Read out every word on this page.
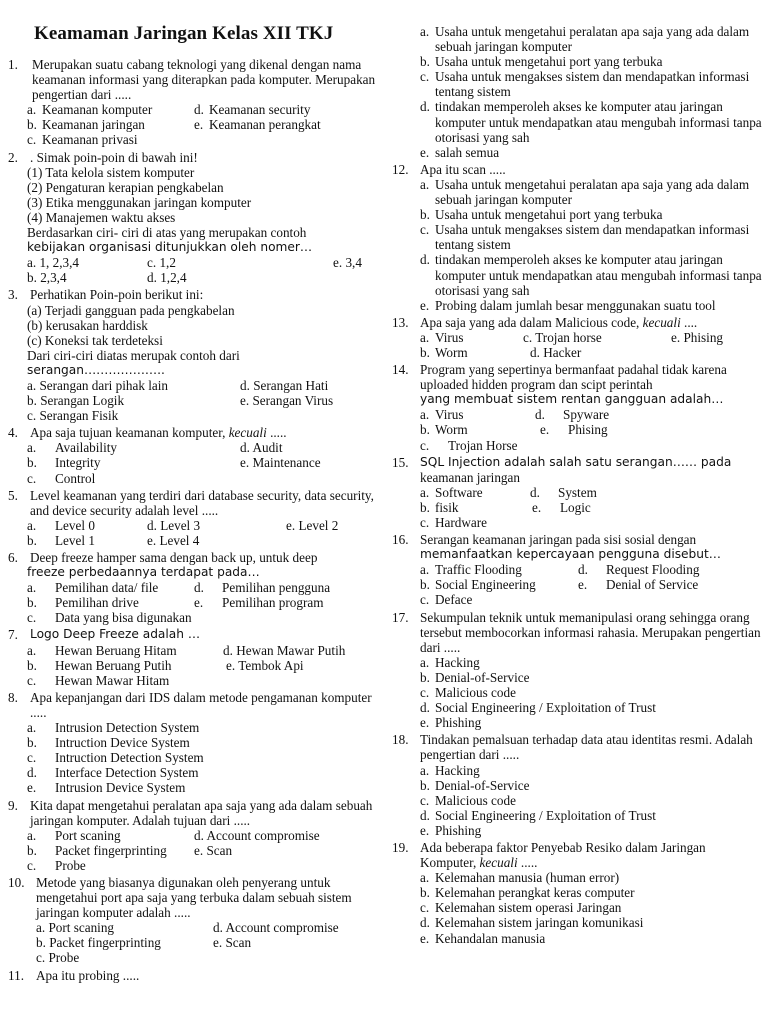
Keamaman Jaringan Kelas XII TKJ
1.	Merupakan suatu cabang teknologi yang dikenal dengan nama keamanan informasi yang diterapkan pada komputer. Merupakan pengertian dari .....
a. Keamanan komputer	d. Keamanan security
b. Keamanan jaringan	e. Keamanan perangkat
c. Keamanan privasi
2. . Simak poin-poin di bawah ini!
(1) Tata kelola sistem komputer
(2) Pengaturan kerapian pengkabelan
(3) Etika menggunakan jaringan komputer
(4) Manajemen waktu akses
Berdasarkan ciri- ciri di atas yang merupakan contoh
kebijakan organisasi ditunjukkan oleh nomer…
a. 1, 2,3,4	c. 1,2	e. 3,4
b. 2,3,4	d. 1,2,4
3. Perhatikan Poin-poin berikut ini:
(a) Terjadi gangguan pada pengkabelan
(b) kerusakan harddisk
(c) Koneksi tak terdeteksi
Dari ciri-ciri diatas merupak contoh dari
serangan………………..
a. Serangan dari pihak lain	d. Serangan Hati
b. Serangan Logik	e. Serangan Virus
c. Serangan Fisik
4. Apa saja tujuan keamanan komputer, kecuali .....
a.	Availability	d. Audit
b.	Integrity	e. Maintenance
c.	Control
5. Level keamanan yang terdiri dari database security, data security, and device security adalah level .....
a.	Level 0	d. Level 3	e. Level 2
b.	Level 1	e. Level 4
6. Deep freeze hamper sama dengan back up, untuk deep
freeze perbedaannya terdapat pada…
a.	Pemilihan data/ file	d.	Pemilihan pengguna
b.	Pemilihan drive	e.	Pemilihan program
c.	Data yang bisa digunakan
7. Logo Deep Freeze adalah …
a.	Hewan Beruang Hitam	d. Hewan Mawar Putih
b.	Hewan Beruang Putih	e. Tembok Api
c.	Hewan Mawar Hitam
8. Apa kepanjangan dari IDS dalam metode pengamanan komputer .....
a.	Intrusion Detection System
b.	Intruction Device System
c.	Intruction Detection System
d.	Interface Detection System
e.	Intrusion Device System
9. Kita dapat mengetahui peralatan apa saja yang ada dalam sebuah jaringan komputer. Adalah tujuan dari .....
a.	Port scaning	d. Account compromise
b.	Packet fingerprinting	e. Scan
c.	Probe
10. Metode yang biasanya digunakan oleh penyerang untuk mengetahui port apa saja yang terbuka dalam sebuah sistem jaringan komputer adalah .....
a. Port scaning	d. Account compromise
b. Packet fingerprinting	e. Scan
c. Probe
11. Apa itu probing .....
a. Usaha untuk mengetahui peralatan apa saja yang ada dalam sebuah jaringan komputer
b. Usaha untuk mengetahui port yang terbuka
c. Usaha untuk mengakses sistem dan mendapatkan informasi tentang sistem
d. tindakan memperoleh akses ke komputer atau jaringan komputer untuk mendapatkan atau mengubah informasi tanpa otorisasi yang sah
e. salah semua
12. Apa itu scan .....
a. Usaha untuk mengetahui peralatan apa saja yang ada dalam sebuah jaringan komputer
b. Usaha untuk mengetahui port yang terbuka
c. Usaha untuk mengakses sistem dan mendapatkan informasi tentang sistem
d. tindakan memperoleh akses ke komputer atau jaringan komputer untuk mendapatkan atau mengubah informasi tanpa otorisasi yang sah
e. Probing dalam jumlah besar menggunakan suatu tool
13. Apa saja yang ada dalam Malicious code, kecuali ....
a. Virus	c. Trojan horse	e. Phising
b. Worm	d. Hacker
14. Program yang sepertinya bermanfaat padahal tidak karena uploaded hidden program dan scipt perintah
yang membuat sistem rentan gangguan adalah…
a. Virus	d.	Spyware
b. Worm	e.	Phising
c.	Trojan Horse
15. SQL Injection adalah salah satu serangan…… pada
keamanan jaringan
a. Software	d.	System
b. fisik	e.	Logic
c. Hardware
16. Serangan keamanan jaringan pada sisi sosial dengan
memanfaatkan kepercayaan pengguna disebut…
a. Traffic Flooding	d.	Request Flooding
b. Social Engineering	e.	Denial of Service
c. Deface
17. Sekumpulan teknik untuk memanipulasi orang sehingga orang tersebut membocorkan informasi rahasia. Merupakan pengertian dari .....
a. Hacking
b. Denial-of-Service
c. Malicious code
d. Social Engineering / Exploitation of Trust
e. Phishing
18. Tindakan pemalsuan terhadap data atau identitas resmi. Adalah pengertian dari .....
a. Hacking
b. Denial-of-Service
c. Malicious code
d. Social Engineering / Exploitation of Trust
e. Phishing
19. Ada beberapa faktor Penyebab Resiko dalam Jaringan Komputer, kecuali .....
a. Kelemahan manusia (human error)
b. Kelemahan perangkat keras computer
c. Kelemahan sistem operasi Jaringan
d. Kelemahan sistem jaringan komunikasi
e. Kehandalan manusia
